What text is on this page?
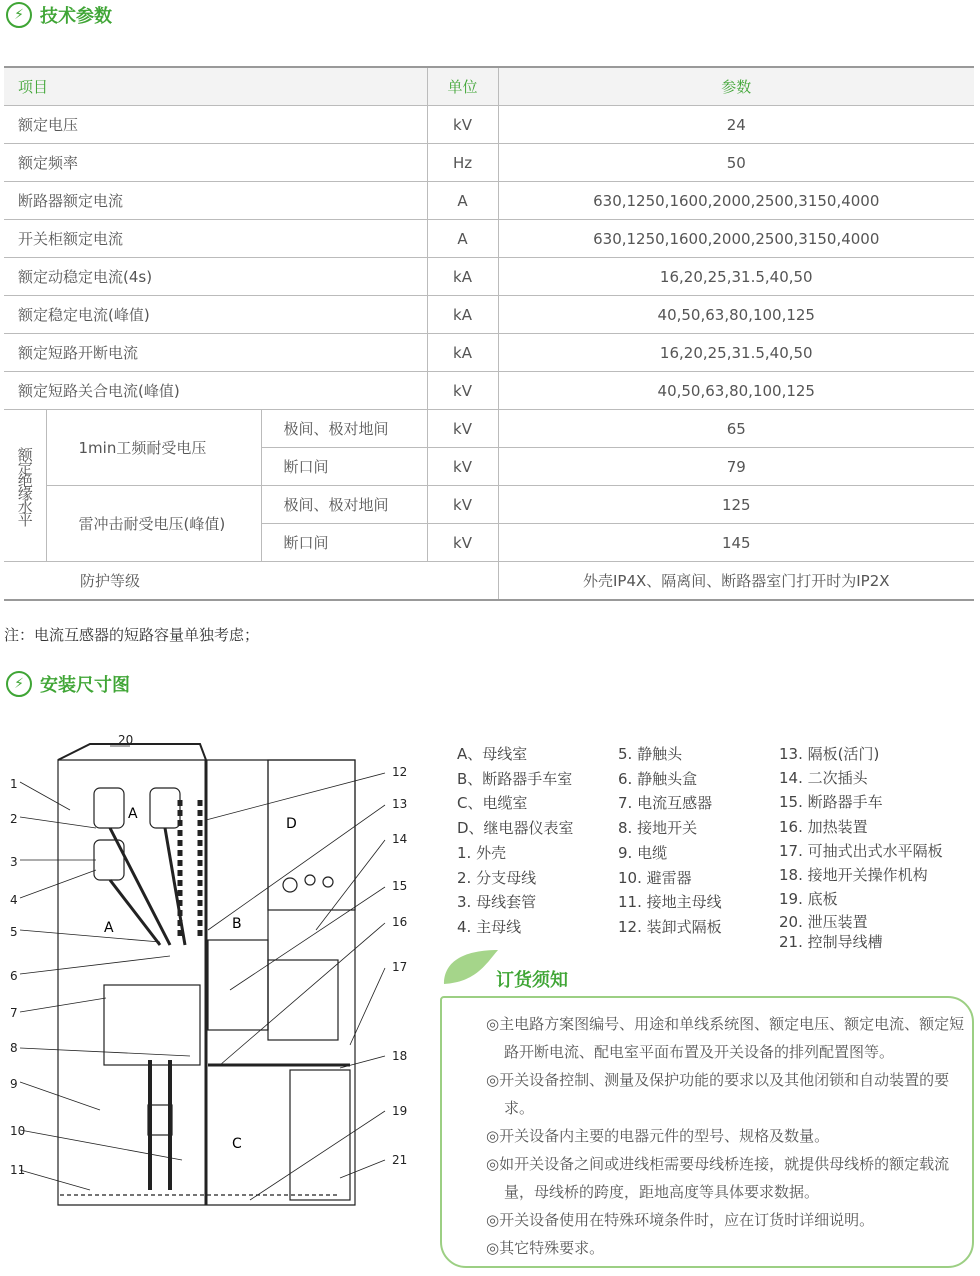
⚡ 技术参数
项目			单位	参数
额定电压			kV	24
额定频率			Hz	50
断路器额定电流			A	630,1250,1600,2000,2500,3150,4000
开关柜额定电流			A	630,1250,1600,2000,2500,3150,4000
额定动稳定电流(4s)			kA	16,20,25,31.5,40,50
额定稳定电流(峰值)			kA	40,50,63,80,100,125
额定短路开断电流			kA	16,20,25,31.5,40,50
额定短路关合电流(峰值)			kV	40,50,63,80,100,125

额定绝缘水平	1min工频耐受电压	极间、极对地间	kV	65
		断口间	kV	79
	雷冲击耐受电压(峰值)	极间、极对地间	kV	125
		断口间	kV	145
防护等级				外壳IP4X、隔离间、断路器室门打开时为IP2X
注：电流互感器的短路容量单独考虑；
⚡ 安装尺寸图
20
1
12
2
13
3
14
4
15
5
16
6
17
7
18
8
9
19
10
21
11
A
A	B
C
D
A、母线室
B、断路器手车室
C、电缆室
D、继电器仪表室
1. 外壳
2. 分支母线
3. 母线套管
4. 主母线
5. 静触头
6. 静触头盒
7. 电流互感器
8. 接地开关
9. 电缆
10. 避雷器
11. 接地主母线
12. 装卸式隔板
13. 隔板(活门)
14. 二次插头
15. 断路器手车
16. 加热装置
17. 可抽式出式水平隔板
18. 接地开关操作机构
19. 底板
20. 泄压装置
21. 控制导线槽
订货须知
◎主电路方案图编号、用途和单线系统图、额定电压、额定电流、额定短路开断电流、配电室平面布置及开关设备的排列配置图等。
◎开关设备控制、测量及保护功能的要求以及其他闭锁和自动装置的要求。
◎开关设备内主要的电器元件的型号、规格及数量。
◎如开关设备之间或进线柜需要母线桥连接，就提供母线桥的额定载流量，母线桥的跨度，距地高度等具体要求数据。
◎开关设备使用在特殊环境条件时，应在订货时详细说明。
◎其它特殊要求。
